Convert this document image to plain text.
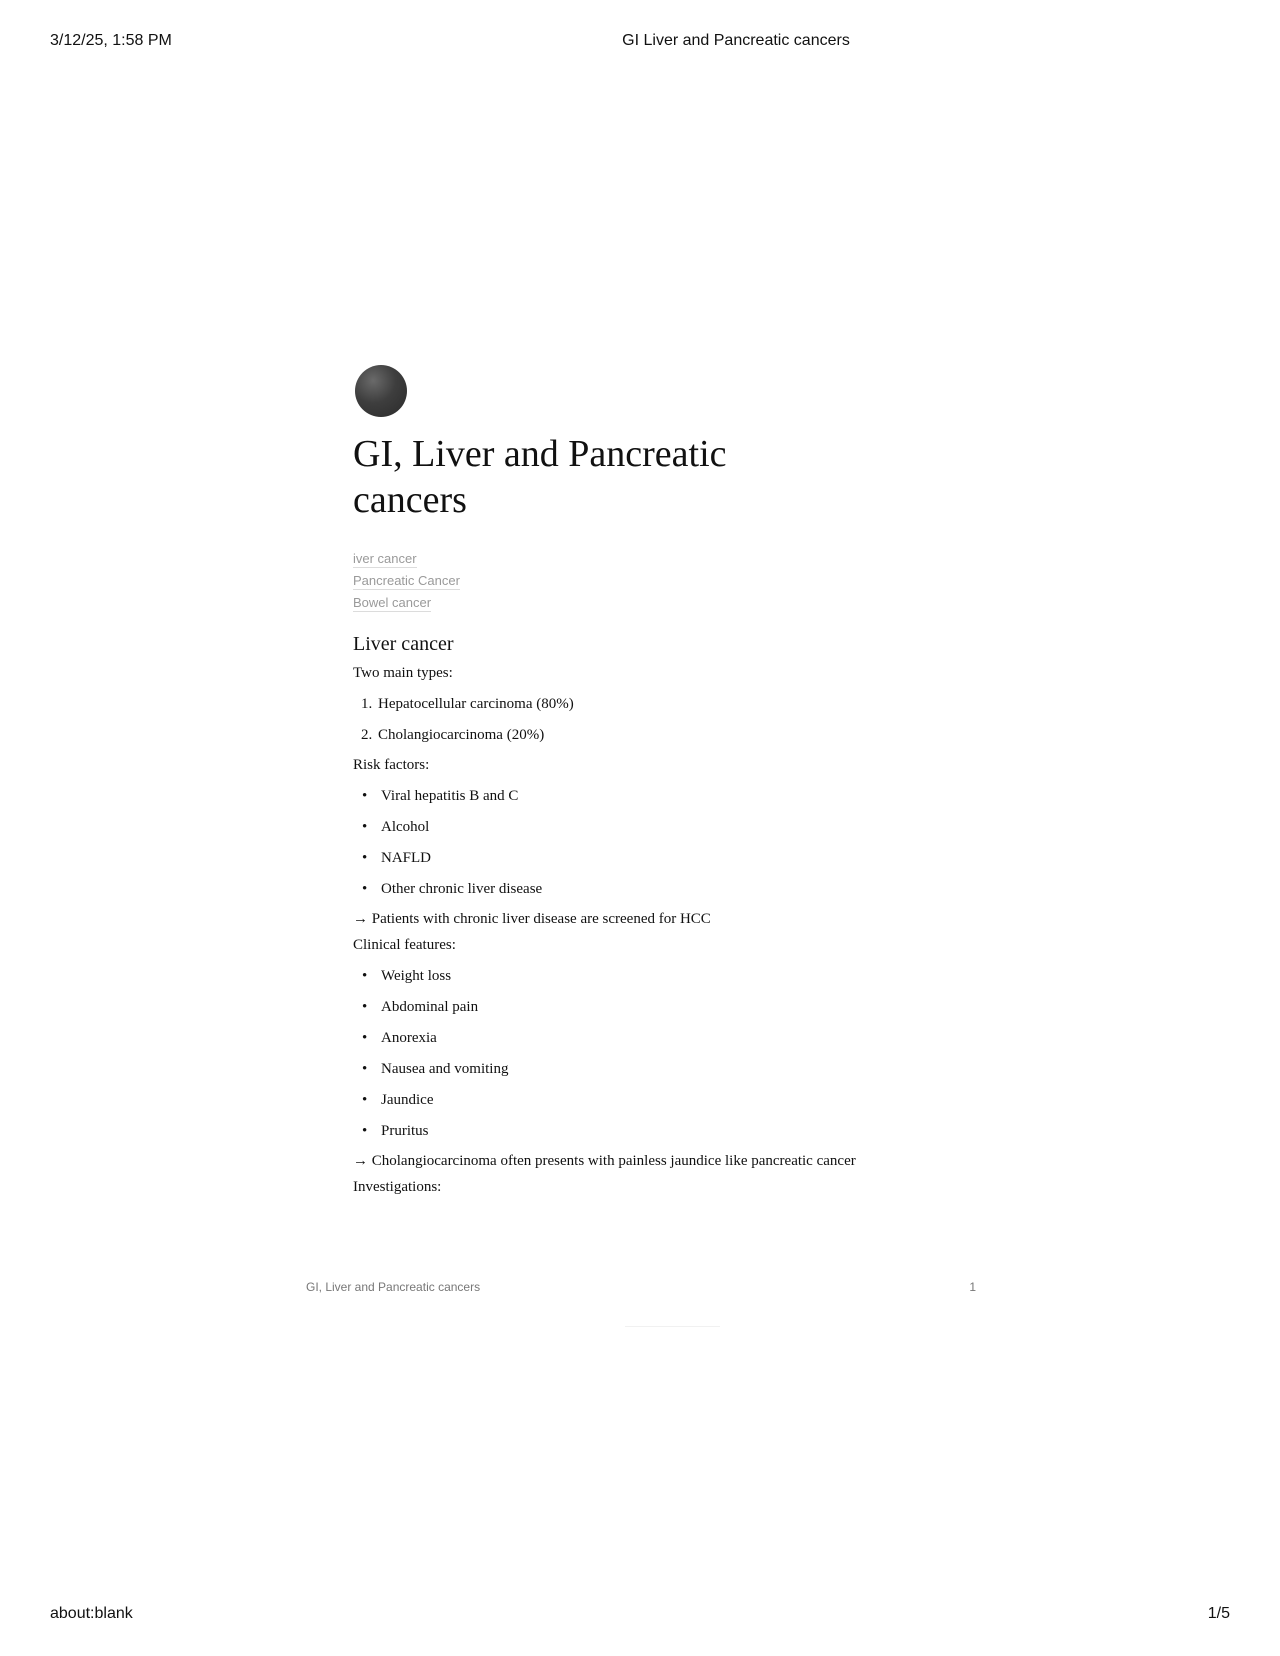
3/12/25, 1:58 PM	GI Liver and Pancreatic cancers
GI, Liver and Pancreatic cancers
iver cancer
Pancreatic Cancer
Bowel cancer
Liver cancer

Two main types:

1. Hepatocellular carcinoma (80%)
2. Cholangiocarcinoma (20%)

Risk factors:

• Viral hepatitis B and C
• Alcohol
• NAFLD
• Other chronic liver disease

→ Patients with chronic liver disease are screened for HCC

Clinical features:

• Weight loss
• Abdominal pain
• Anorexia
• Nausea and vomiting
• Jaundice
• Pruritus

→ Cholangiocarcinoma often presents with painless jaundice like pancreatic cancer

Investigations:

GI, Liver and Pancreatic cancers	1
about:blank	1/5
